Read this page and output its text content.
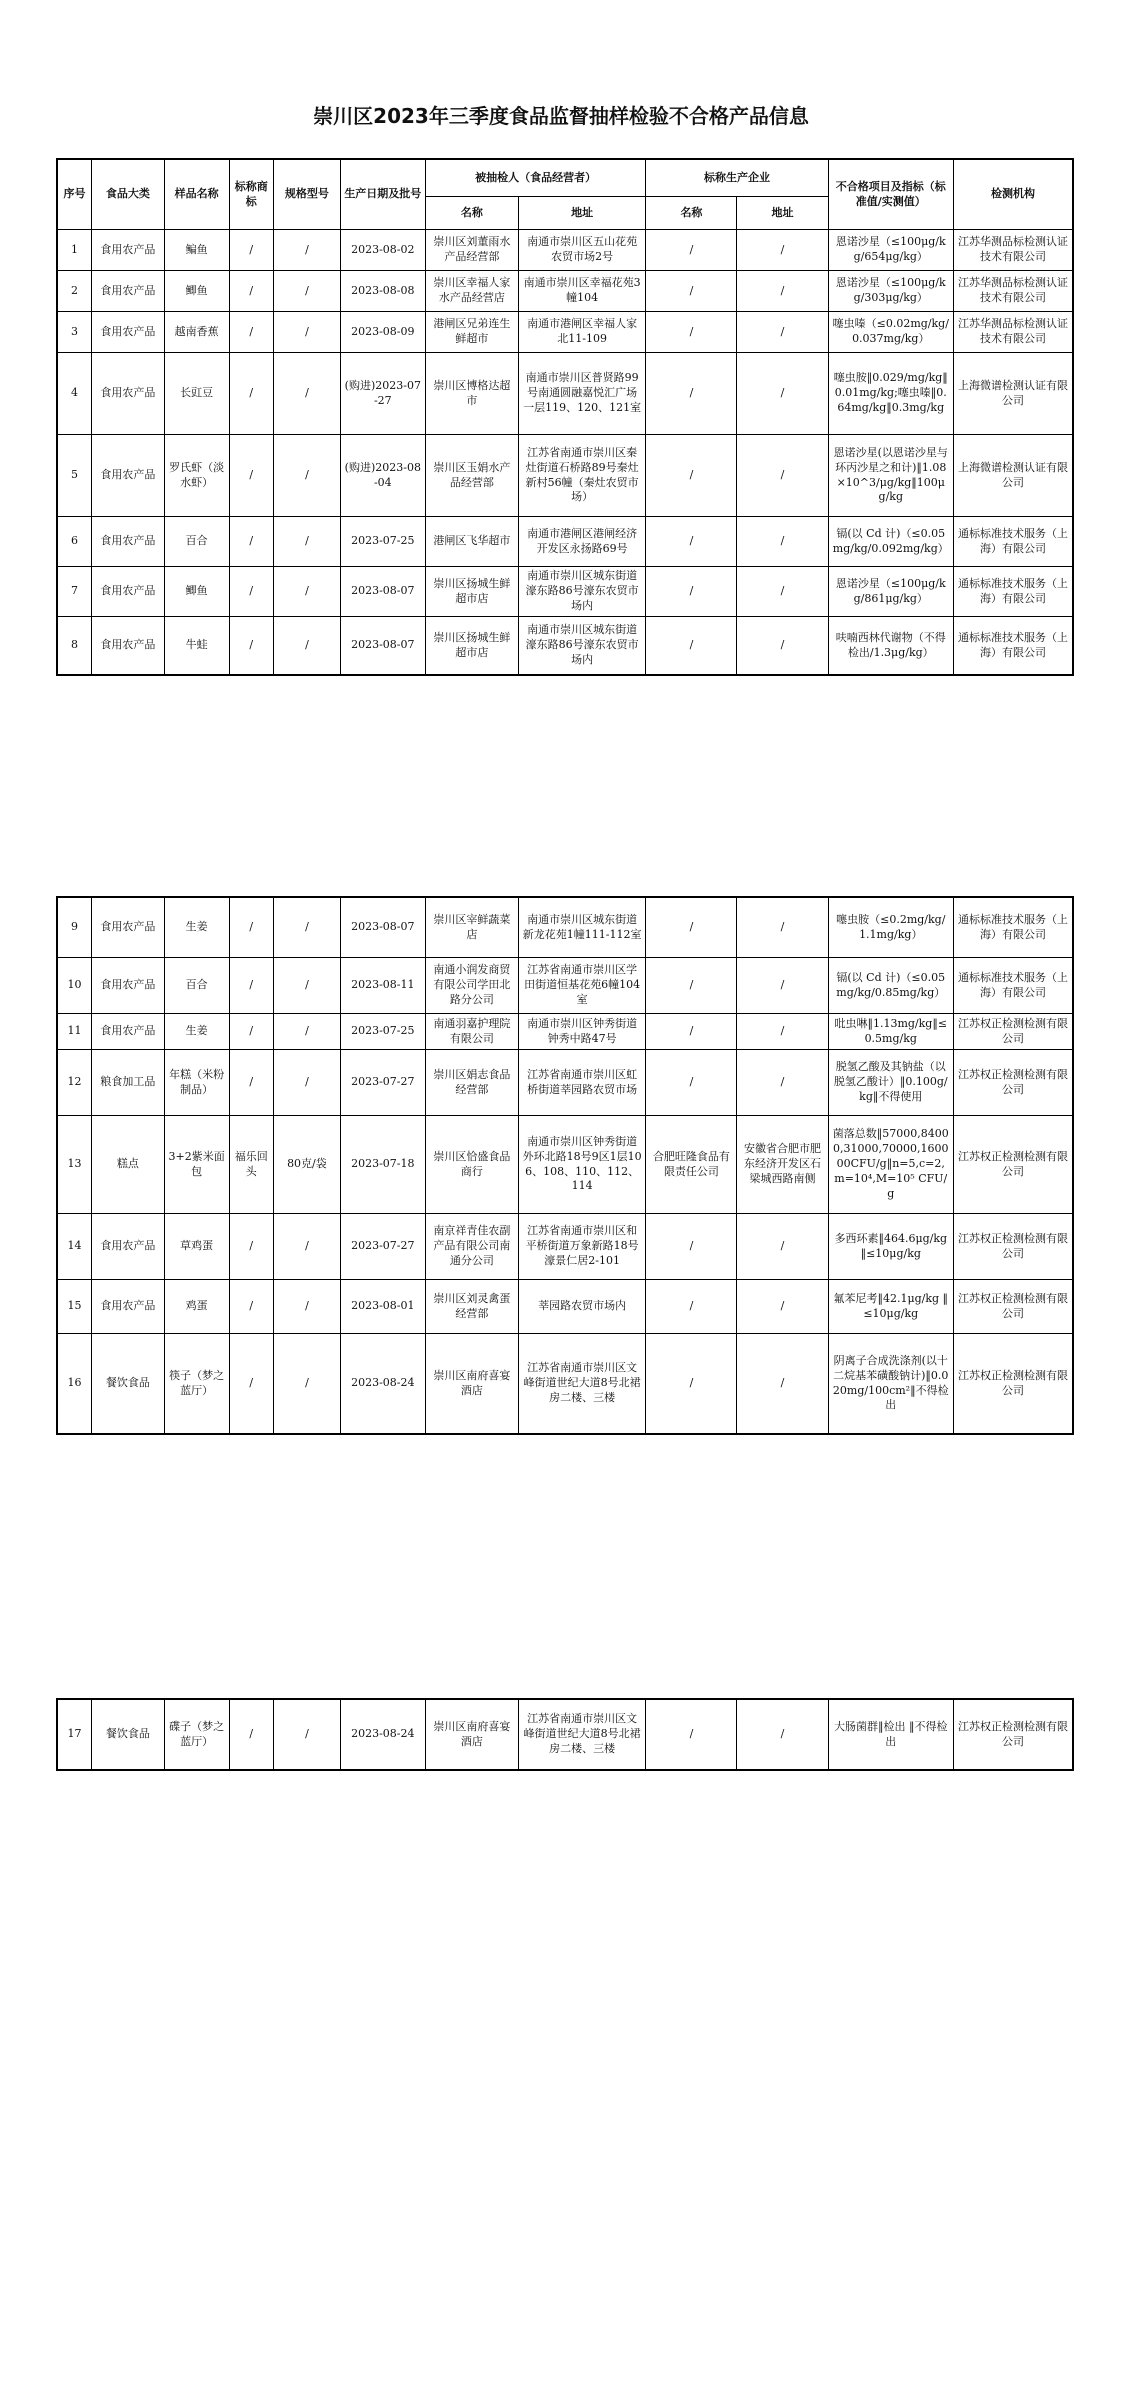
崇川区2023年三季度食品监督抽样检验不合格产品信息
序号	食品大类	样品名称	标称商标	规格型号	生产日期及批号	被抽检人（食品经营者）		标称生产企业		不合格项目及指标（标准值/实测值）	检测机构
						名称	地址	名称	地址		
1	食用农产品	鳊鱼	/	/	2023-08-02	崇川区刘董雨水产品经营部	南通市崇川区五山花苑农贸市场2号	/	/	恩诺沙星（≤100μg/kg/654μg/kg）	江苏华测品标检测认证技术有限公司
2	食用农产品	鲫鱼	/	/	2023-08-08	崇川区幸福人家水产品经营店	南通市崇川区幸福花苑3幢104	/	/	恩诺沙星（≤100μg/kg/303μg/kg）	江苏华测品标检测认证技术有限公司
3	食用农产品	越南香蕉	/	/	2023-08-09	港闸区兄弟连生鲜超市	南通市港闸区幸福人家北11-109	/	/	噻虫嗪（≤0.02mg/kg/0.037mg/kg）	江苏华测品标检测认证技术有限公司
4	食用农产品	长豇豆	/	/	(购进)2023-07-27	崇川区博格达超市	南通市崇川区普贤路99号南通圆融嘉悦汇广场一层119、120、121室	/	/	噻虫胺‖0.029/mg/kg‖0.01mg/kg;噻虫嗪‖0.64mg/kg‖0.3mg/kg	上海微谱检测认证有限公司
5	食用农产品	罗氏虾（淡水虾）	/	/	(购进)2023-08-04	崇川区玉娟水产品经营部	江苏省南通市崇川区秦灶街道石桥路89号秦灶新村56幢（秦灶农贸市场）	/	/	恩诺沙星(以恩诺沙星与环丙沙星之和计)‖1.08×10^3/μg/kg‖100μg/kg	上海微谱检测认证有限公司
6	食用农产品	百合	/	/	2023-07-25	港闸区飞华超市	南通市港闸区港闸经济开发区永扬路69号	/	/	镉(以 Cd 计)（≤0.05mg/kg/0.092mg/kg）	通标标准技术服务（上海）有限公司
7	食用农产品	鲫鱼	/	/	2023-08-07	崇川区扬城生鲜超市店	南通市崇川区城东街道濠东路86号濠东农贸市场内	/	/	恩诺沙星（≤100μg/kg/861μg/kg）	通标标准技术服务（上海）有限公司
8	食用农产品	牛蛙	/	/	2023-08-07	崇川区扬城生鲜超市店	南通市崇川区城东街道濠东路86号濠东农贸市场内	/	/	呋喃西林代谢物（不得检出/1.3μg/kg）	通标标准技术服务（上海）有限公司
9	食用农产品	生姜	/	/	2023-08-07	崇川区宰鲜蔬菜店	南通市崇川区城东街道新龙花苑1幢111-112室	/	/	噻虫胺（≤0.2mg/kg/1.1mg/kg）	通标标准技术服务（上海）有限公司
10	食用农产品	百合	/	/	2023-08-11	南通小润发商贸有限公司学田北路分公司	江苏省南通市崇川区学田街道恒基花苑6幢104室	/	/	镉(以 Cd 计)（≤0.05mg/kg/0.85mg/kg）	通标标准技术服务（上海）有限公司
11	食用农产品	生姜	/	/	2023-07-25	南通羽嘉护理院有限公司	南通市崇川区钟秀街道钟秀中路47号	/	/	吡虫啉‖1.13mg/kg‖≤0.5mg/kg	江苏权正检测检测有限公司
12	粮食加工品	年糕（米粉制品）	/	/	2023-07-27	崇川区娟志食品经营部	江苏省南通市崇川区虹桥街道莘园路农贸市场	/	/	脱氢乙酸及其钠盐（以脱氢乙酸计）‖0.100g/kg‖不得使用	江苏权正检测检测有限公司
13	糕点	3+2紫米面包	福乐回头	80克/袋	2023-07-18	崇川区恰盛食品商行	南通市崇川区钟秀街道外环北路18号9区1层106、108、110、112、114	合肥旺隆食品有限责任公司	安徽省合肥市肥东经济开发区石梁城西路南侧	菌落总数‖57000,84000,31000,70000,160000CFU/g‖n=5,c=2,m=10⁴,M=10⁵ CFU/g	江苏权正检测检测有限公司
14	食用农产品	草鸡蛋	/	/	2023-07-27	南京祥青佳农副产品有限公司南通分公司	江苏省南通市崇川区和平桥街道万象新路18号濠景仁居2-101	/	/	多西环素‖464.6μg/kg ‖≤10μg/kg	江苏权正检测检测有限公司
15	食用农产品	鸡蛋	/	/	2023-08-01	崇川区刘灵禽蛋经营部	莘园路农贸市场内	/	/	氟苯尼考‖42.1μg/kg ‖≤10μg/kg	江苏权正检测检测有限公司
16	餐饮食品	筷子（梦之蓝厅）	/	/	2023-08-24	崇川区南府喜宴酒店	江苏省南通市崇川区文峰街道世纪大道8号北裙房二楼、三楼	/	/	阴离子合成洗涤剂(以十二烷基苯磺酸钠计)‖0.020mg/100cm²‖不得检出	江苏权正检测检测有限公司
17	餐饮食品	碟子（梦之蓝厅）	/	/	2023-08-24	崇川区南府喜宴酒店	江苏省南通市崇川区文峰街道世纪大道8号北裙房二楼、三楼	/	/	大肠菌群‖检出 ‖不得检出	江苏权正检测检测有限公司
